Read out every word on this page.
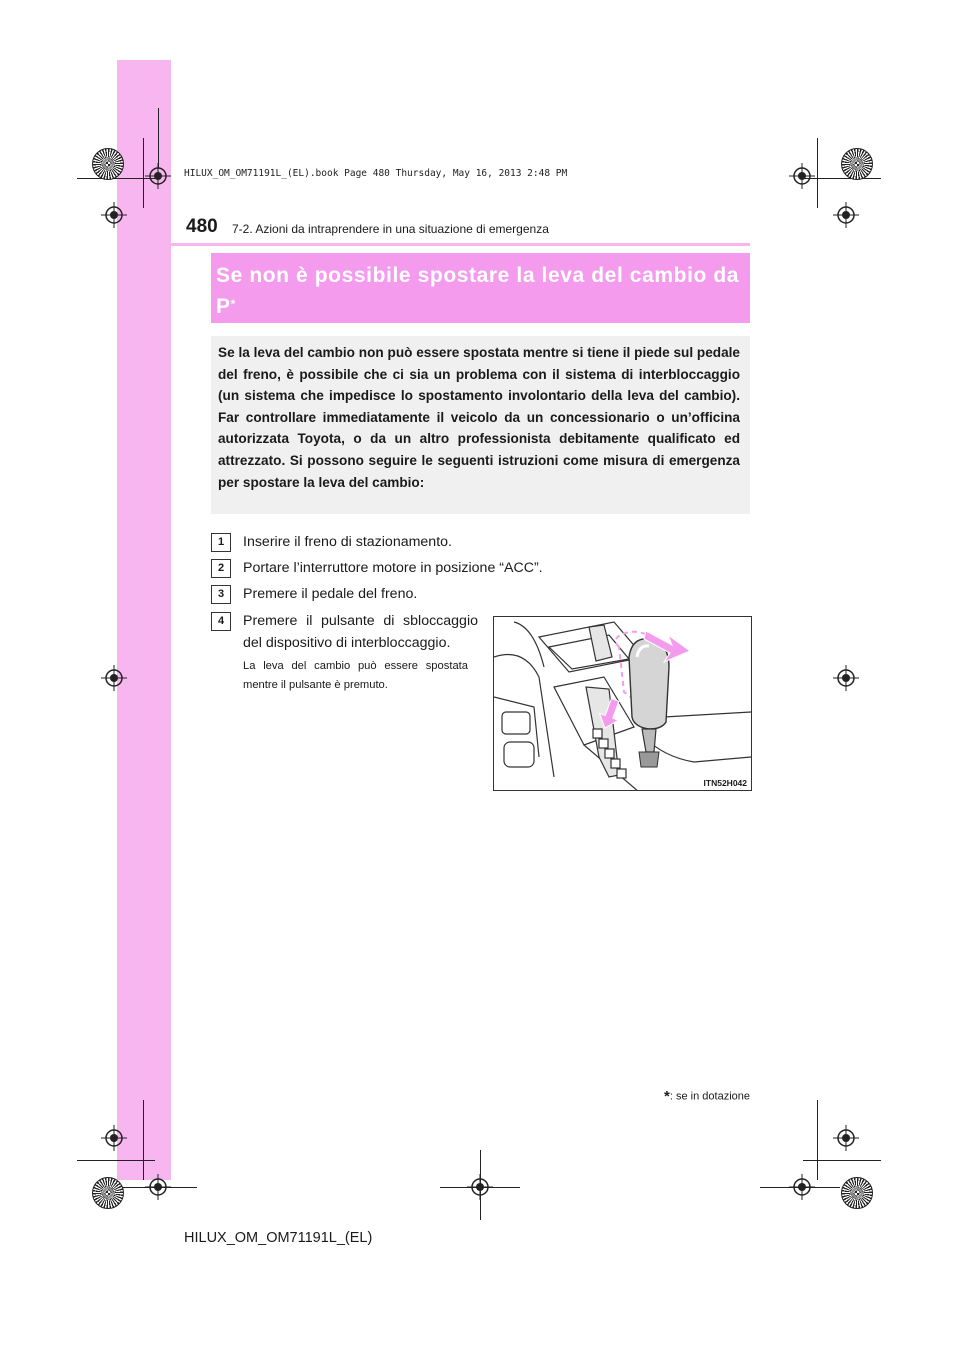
HILUX_OM_OM71191L_(EL).book Page 480 Thursday, May 16, 2013 2:48 PM
480 7-2. Azioni da intraprendere in una situazione di emergenza
Se non è possibile spostare la leva del cambio da P*
Se la leva del cambio non può essere spostata mentre si tiene il piede sul pedale del freno, è possibile che ci sia un problema con il sistema di interbloccaggio (un sistema che impedisce lo spostamento involontario della leva del cambio). Far controllare immediatamente il veicolo da un concessionario o un’officina autorizzata Toyota, o da un altro professionista debitamente qualificato ed attrezzato. Si possono seguire le seguenti istruzioni come misura di emergenza per spostare la leva del cambio:
1	Inserire il freno di stazionamento.
2	Portare l’interruttore motore in posizione “ACC”.
3	Premere il pedale del freno.
4	Premere il pulsante di sbloccaggio del dispositivo di interbloccaggio.
La leva del cambio può essere spostata mentre il pulsante è premuto.
ITN52H042
*: se in dotazione
HILUX_OM_OM71191L_(EL)
